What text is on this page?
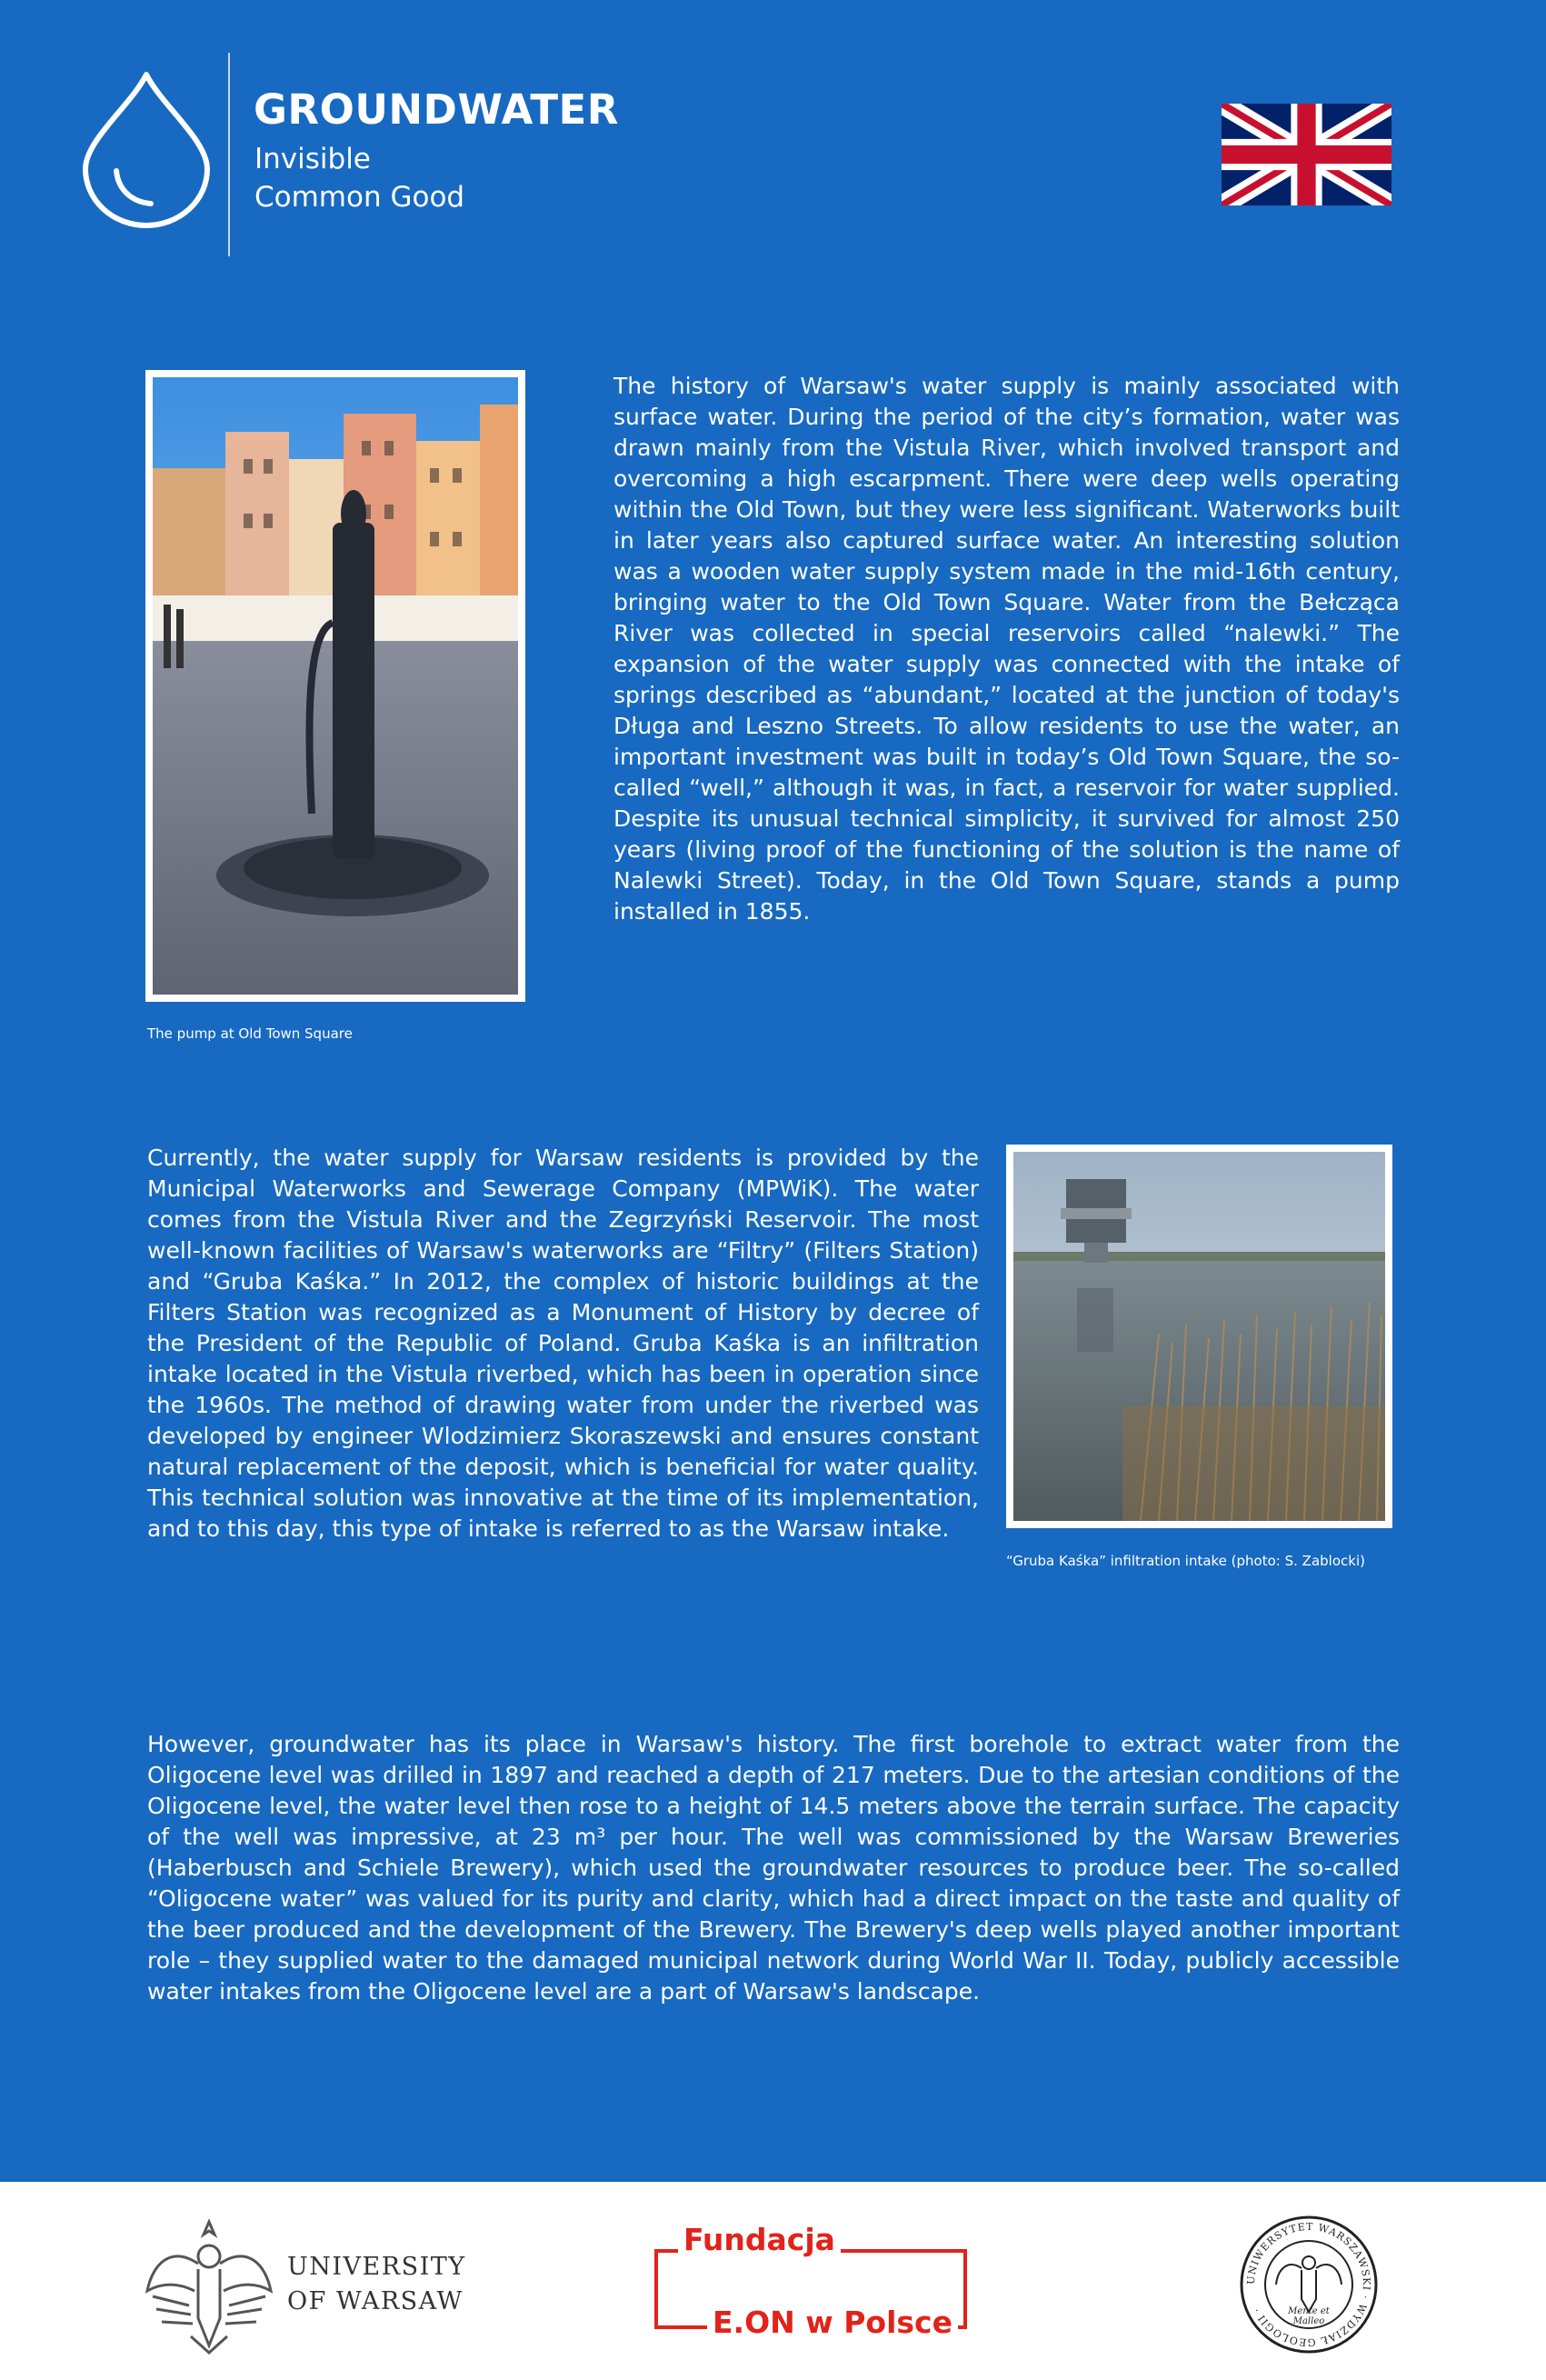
GROUNDWATER

Invisible

Common Good

The pump at Old Town Square

The history of Warsaw's water supply is mainly associated with surface water. During the period of the city’s formation, water was drawn mainly from the Vistula River, which involved transport and overcoming a high escarpment. There were deep wells operating within the Old Town, but they were less significant. Waterworks built in later years also captured surface water. An interesting solution was a wooden water supply system made in the mid-16th century, bringing water to the Old Town Square. Water from the Bełcząca River was collected in special reservoirs called “nalewki.” The expansion of the water supply was connected with the intake of springs described as “abundant,” located at the junction of today's Długa and Leszno Streets. To allow residents to use the water, an important investment was built in today’s Old Town Square, the so-called “well,” although it was, in fact, a reservoir for water supplied. Despite its unusual technical simplicity, it survived for almost 250 years (living proof of the functioning of the solution is the name of Nalewki Street). Today, in the Old Town Square, stands a pump installed in 1855.

Currently, the water supply for Warsaw residents is provided by the Municipal Waterworks and Sewerage Company (MPWiK). The water comes from the Vistula River and the Zegrzyński Reservoir. The most well-known facilities of Warsaw's waterworks are “Filtry” (Filters Station) and “Gruba Kaśka.” In 2012, the complex of historic buildings at the Filters Station was recognized as a Monument of History by decree of the President of the Republic of Poland. Gruba Kaśka is an infiltration intake located in the Vistula riverbed, which has been in operation since the 1960s. The method of drawing water from under the riverbed was developed by engineer Wlodzimierz Skoraszewski and ensures constant natural replacement of the deposit, which is beneficial for water quality. This technical solution was innovative at the time of its implementation, and to this day, this type of intake is referred to as the Warsaw intake.

“Gruba Kaśka” infiltration intake (photo: S. Zablocki)

However, groundwater has its place in Warsaw's history. The first borehole to extract water from the Oligocene level was drilled in 1897 and reached a depth of 217 meters. Due to the artesian conditions of the Oligocene level, the water level then rose to a height of 14.5 meters above the terrain surface. The capacity of the well was impressive, at 23 m³ per hour. The well was commissioned by the Warsaw Breweries (Haberbusch and Schiele Brewery), which used the groundwater resources to produce beer. The so-called “Oligocene water” was valued for its purity and clarity, which had a direct impact on the taste and quality of the beer produced and the development of the Brewery. The Brewery's deep wells played another important role – they supplied water to the damaged municipal network during World War II. Today, publicly accessible water intakes from the Oligocene level are a part of Warsaw's landscape.

UNIVERSITY

OF WARSAW

Fundacja

E.ON w Polsce

UNIWERSYTET WARSZAWSKI · WYDZIAŁ GEOLOGII ·	Mente et
Malleo
